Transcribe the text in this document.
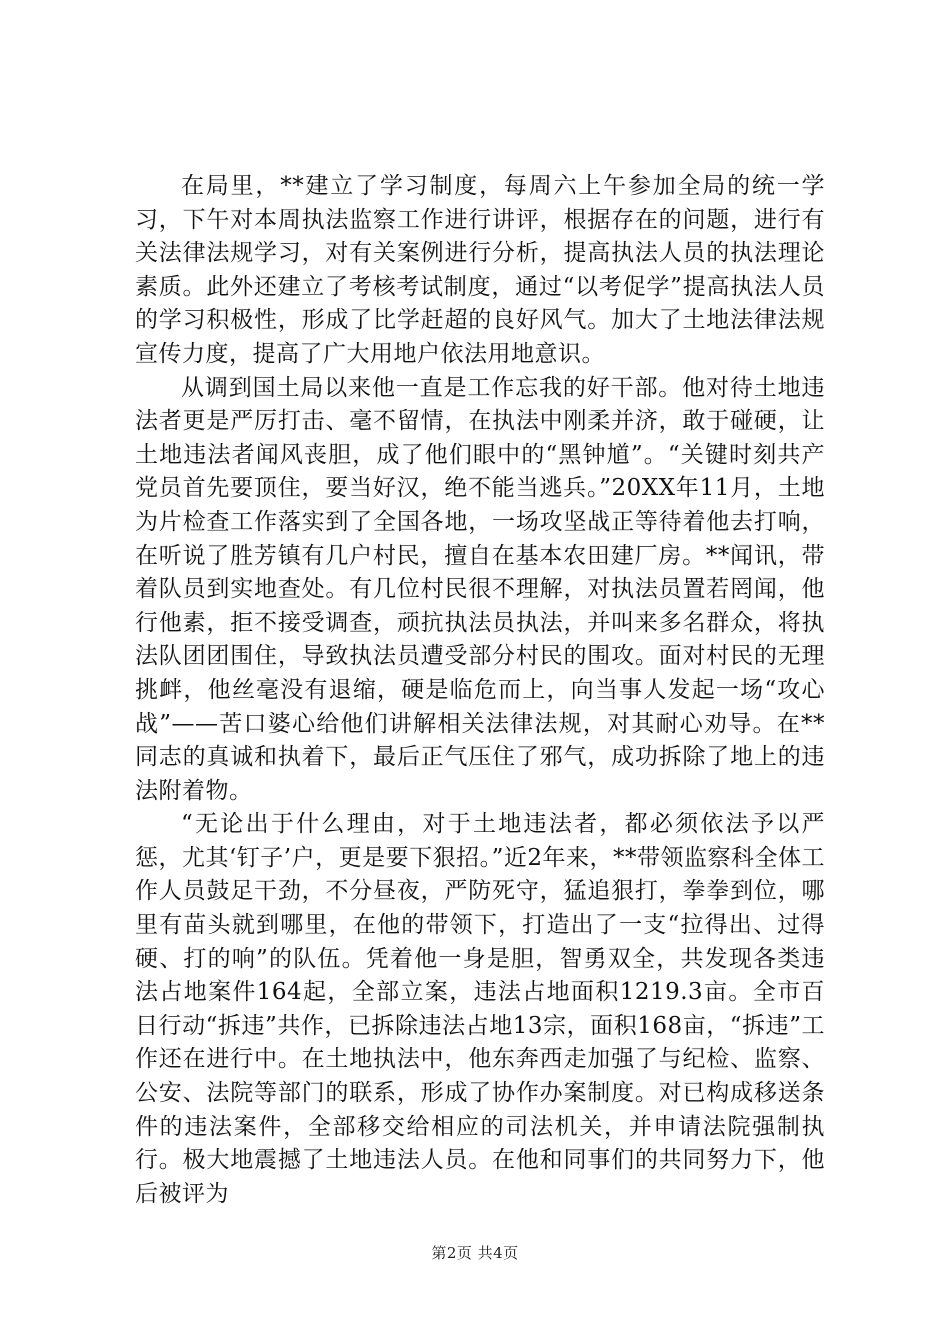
在局里，**建立了学习制度，每周六上午参加全局的统一学习，下午对本周执法监察工作进行讲评，根据存在的问题，进行有关法律法规学习，对有关案例进行分析，提高执法人员的执法理论素质。此外还建立了考核考试制度，通过“以考促学”提高执法人员的学习积极性，形成了比学赶超的良好风气。加大了土地法律法规宣传力度，提高了广大用地户依法用地意识。

从调到国土局以来他一直是工作忘我的好干部。他对待土地违法者更是严厉打击、毫不留情，在执法中刚柔并济，敢于碰硬，让土地违法者闻风丧胆，成了他们眼中的“黑钟馗”。“关键时刻共产党员首先要顶住，要当好汉，绝不能当逃兵。”20XX年11月，土地为片检查工作落实到了全国各地，一场攻坚战正等待着他去打响，在听说了胜芳镇有几户村民，擅自在基本农田建厂房。**闻讯，带着队员到实地查处。有几位村民很不理解，对执法员置若罔闻，他行他素，拒不接受调查，顽抗执法员执法，并叫来多名群众，将执法队团团围住，导致执法员遭受部分村民的围攻。面对村民的无理挑衅，他丝毫没有退缩，硬是临危而上，向当事人发起一场“攻心战”——苦口婆心给他们讲解相关法律法规，对其耐心劝导。在**同志的真诚和执着下，最后正气压住了邪气，成功拆除了地上的违法附着物。

“无论出于什么理由，对于土地违法者，都必须依法予以严惩，尤其‘钉子’户，更是要下狠招。”近2年来，**带领监察科全体工作人员鼓足干劲，不分昼夜，严防死守，猛追狠打，拳拳到位，哪里有苗头就到哪里，在他的带领下，打造出了一支“拉得出、过得硬、打的响”的队伍。凭着他一身是胆，智勇双全，共发现各类违法占地案件164起，全部立案，违法占地面积1219.3亩。全市百日行动“拆违”共作，已拆除违法占地13宗，面积168亩，“拆违”工作还在进行中。在土地执法中，他东奔西走加强了与纪检、监察、公安、法院等部门的联系，形成了协作办案制度。对已构成移送条件的违法案件，全部移交给相应的司法机关，并申请法院强制执行。极大地震撼了土地违法人员。在他和同事们的共同努力下，他后被评为

第2页 共4页
